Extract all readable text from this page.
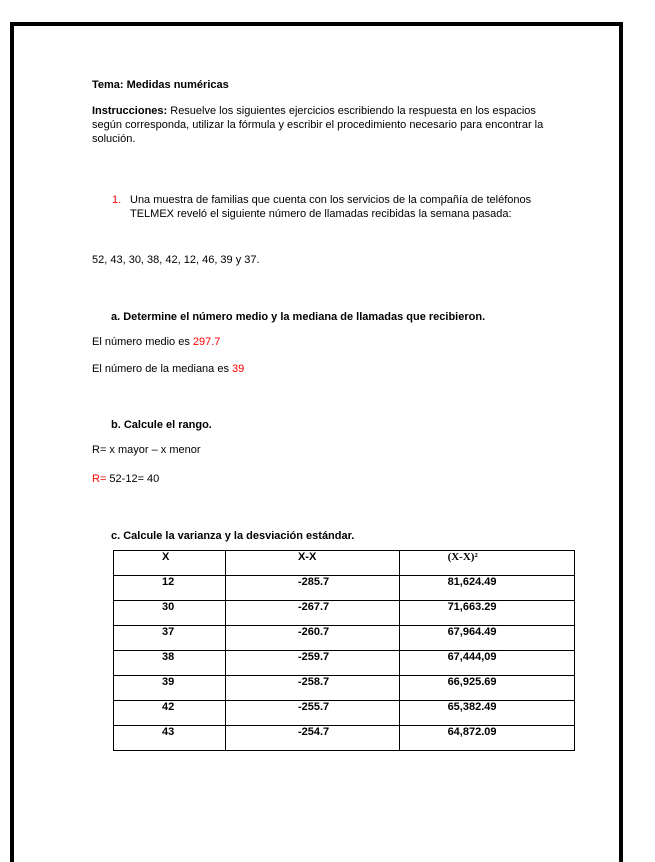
Tema: Medidas numéricas
Instrucciones: Resuelve los siguientes ejercicios escribiendo la respuesta en los espacios según corresponda, utilizar la fórmula y escribir el procedimiento necesario para encontrar la solución.
1. Una muestra de familias que cuenta con los servicios de la compañía de teléfonos TELMEX reveló el siguiente número de llamadas recibidas la semana pasada:
52, 43, 30, 38, 42, 12, 46, 39 y 37.
a. Determine el número medio y la mediana de llamadas que recibieron.
El número medio es 297.7
El número de la mediana es 39
b. Calcule el rango.
R= x mayor – x menor
R= 52-12= 40
c. Calcule la varianza y la desviación estándar.
X	X-X	(X-X)²
12	-285.7	81,624.49
30	-267.7	71,663.29
37	-260.7	67,964.49
38	-259.7	67,444,09
39	-258.7	66,925.69
42	-255.7	65,382.49
43	-254.7	64,872.09
